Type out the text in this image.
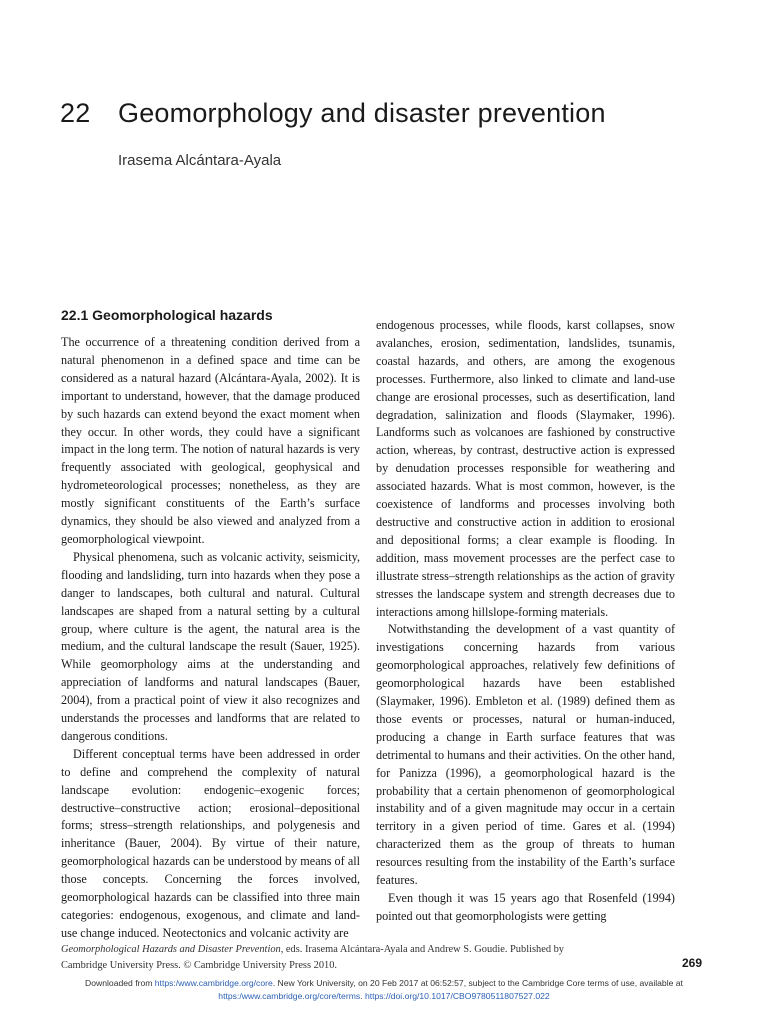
22 Geomorphology and disaster prevention
Irasema Alcántara-Ayala
22.1 Geomorphological hazards

The occurrence of a threatening condition derived from a natural phenomenon in a defined space and time can be considered as a natural hazard (Alcántara-Ayala, 2002). It is important to understand, however, that the damage produced by such hazards can extend beyond the exact moment when they occur. In other words, they could have a significant impact in the long term. The notion of natural hazards is very frequently associated with geological, geophysical and hydrometeorological processes; nonetheless, as they are mostly significant constituents of the Earth’s surface dynamics, they should be also viewed and analyzed from a geomorphological viewpoint.

Physical phenomena, such as volcanic activity, seismicity, flooding and landsliding, turn into hazards when they pose a danger to landscapes, both cultural and natural. Cultural landscapes are shaped from a natural setting by a cultural group, where culture is the agent, the natural area is the medium, and the cultural landscape the result (Sauer, 1925). While geomorphology aims at the understanding and appreciation of landforms and natural landscapes (Bauer, 2004), from a practical point of view it also recognizes and understands the processes and landforms that are related to dangerous conditions.

Different conceptual terms have been addressed in order to define and comprehend the complexity of natural landscape evolution: endogenic–exogenic forces; destructive–constructive action; erosional–depositional forms; stress–strength relationships, and polygenesis and inheritance (Bauer, 2004). By virtue of their nature, geomorphological hazards can be understood by means of all those concepts. Concerning the forces involved, geomorphological hazards can be classified into three main categories: endogenous, exogenous, and climate and land-use change induced. Neotectonics and volcanic activity are

endogenous processes, while floods, karst collapses, snow avalanches, erosion, sedimentation, landslides, tsunamis, coastal hazards, and others, are among the exogenous processes. Furthermore, also linked to climate and land-use change are erosional processes, such as desertification, land degradation, salinization and floods (Slaymaker, 1996). Landforms such as volcanoes are fashioned by constructive action, whereas, by contrast, destructive action is expressed by denudation processes responsible for weathering and associated hazards. What is most common, however, is the coexistence of landforms and processes involving both destructive and constructive action in addition to erosional and depositional forms; a clear example is flooding. In addition, mass movement processes are the perfect case to illustrate stress–strength relationships as the action of gravity stresses the landscape system and strength decreases due to interactions among hillslope-forming materials.

Notwithstanding the development of a vast quantity of investigations concerning hazards from various geomorphological approaches, relatively few definitions of geomorphological hazards have been established (Slaymaker, 1996). Embleton et al. (1989) defined them as those events or processes, natural or human-induced, producing a change in Earth surface features that was detrimental to humans and their activities. On the other hand, for Panizza (1996), a geomorphological hazard is the probability that a certain phenomenon of geomorphological instability and of a given magnitude may occur in a certain territory in a given period of time. Gares et al. (1994) characterized them as the group of threats to human resources resulting from the instability of the Earth’s surface features.

Even though it was 15 years ago that Rosenfeld (1994) pointed out that geomorphologists were getting

Geomorphological Hazards and Disaster Prevention, eds. Irasema Alcántara-Ayala and Andrew S. Goudie. Published by
Cambridge University Press. © Cambridge University Press 2010.	269
Downloaded from https:/www.cambridge.org/core. New York University, on 20 Feb 2017 at 06:52:57, subject to the Cambridge Core terms of use, available at
https:/www.cambridge.org/core/terms. https://doi.org/10.1017/CBO9780511807527.022
